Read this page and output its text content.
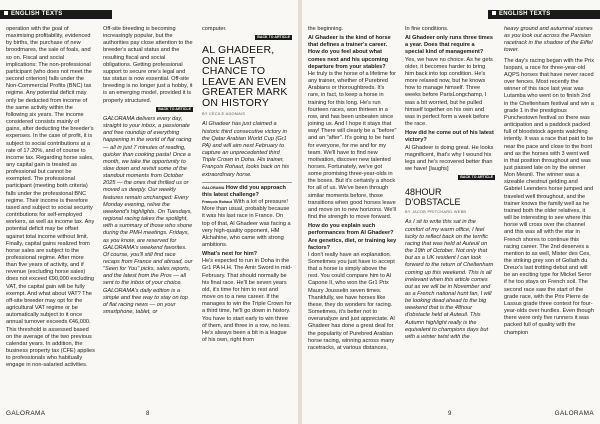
ENGLISH TEXTS

operation with the goal of maximising profitability, evidenced by births, the purchase of new broodmares, the sale of foals, and so on. Fiscal and social implications: The non-professional participant (who does not meet the second criterion) falls under the Non-Commercial Profits (BNC) tax regime. Any potential deficit may only be deducted from income of the same activity within the following six years. The income considered consists mainly of gains, after deducting the breeder's expenses. In the case of profit, it is subject to social contributions at a rate of 17.20%, and of course to income tax. Regarding horse sales, any capital gain is treated as professional but cannot be exempted. The professional participant (meeting both criteria) falls under the professional BNC regime. Their income is therefore taxed and subject to social security contributions for self-employed workers, as well as income tax. Any potential deficit may be offset against total income without limit. Finally, capital gains realized from horse sales are subject to the professional regime. After more than five years of activity, and if revenue (excluding horse sales) does not exceed €90,000 excluding VAT, the capital gain will be fully exempt. And what about VAT? The off-site breeder may opt for the agricultural VAT regime or be automatically subject to it once annual turnover exceeds €46,000. This threshold is assessed based on the average of the two previous calendar years. In addition, the business property tax (CFE) applies to professionals who habitually engage in non-salaried activities.

Off-site breeding is becoming increasingly popular, but the authorities pay close attention to the breeder's actual status and the resulting fiscal and social obligations. Getting professional support to secure one's legal and tax status is now essential. Off-site breeding is no longer just a hobby, it is an emerging model, provided it is properly structured.

BACK TO ARTICLE

GALORAMA delivers every day, straight to your inbox, a passionate and free roundup of everything happening in the world of flat racing — all in just 7 minutes of reading, quicker than cooking pasta! Once a month, we take the opportunity to slow down and revisit some of the standout moments from October 2025 — the ones that thrilled us or moved us deeply. Our weekly features remain unchanged: Every Monday evening, relive the weekend's highlights. On Tuesdays, regional racing takes the spotlight, with a summary of those who shone during the PMH meetings. Fridays, as you know, are reserved for GALORAMA's weekend favorites. Of course, you'll still find race recaps from France and abroad, our "Seen for You" picks, sales reports, and the latest from the Pros — all sent to the inbox of your choice. GALORAMA's daily edition is a simple and free way to stay on top of flat racing news — on your smartphone, tablet, or

computer.

BACK TO ARTICLE
AL GHADEER, ONE LAST CHANCE TO LEAVE AN EVEN GREATER MARK ON HISTORY
BY CÉCILE ADOMAIS

Al Ghadeer has just claimed a historic third consecutive victory in the Qatar Arabian World Cup (Gr1 PA) and will aim next February to capture an unprecedented third Triple Crown in Doha. His trainer, François Rohaut, looks back on his extraordinary horse.

GALORAMA How did you approach this latest challenge?

François Rohaut With a lot of pressure! More than usual, probably because it was his last race in France. On top of that, Al Ghadeer was facing a very high-quality opponent, HM Alchahine, who came with strong ambitions.

What's next for him?

He's expected to run in Doha in the Gr1 PA H.H. The Amir Sword in mid-February. That should normally be his final race. He'll be seven years old, it's time for him to rest and move on to a new career. If the manages to win the Triple Crown for a third time, he'll go down in history. You have to start early to win three of them, and three in a row, no less. He's always been a bit in a league of his own, right from

GALORAMA	8
ENGLISH TEXTS

the beginning.

Al Ghadeer is the kind of horse that defines a trainer's career. How do you feel about what comes next and his upcoming departure from your stables?

He truly is the horse of a lifetime for any trainer, whether of Purebred Arabians or thoroughbreds. It's rare, in fact, to keep a horse in training for this long. He's run fourteen races, won thirteen in a row, and has been unbeaten since joining us. And I hope it stays that way! There will clearly be a "before" and an "after". It's going to be hard for everyone, for me and for my team. We'll have to find new motivation, discover new talented horses. Fortunately, we've got some promising three-year-olds in the boxes. But it's certainly a shock for all of us. We've been through similar moments before, those transitions when good horses leave and move on to new horizons. We'll find the strength to move forward.

How do you explain such performances from Al Ghadeer? Are genetics, diet, or training key factors?

I don't really have an explanation. Sometimes you just have to accept that a horse is simply above the rest. You could compare him to Al Capone II, who won the Gr1 Prix Maury Jousselin seven times. Thankfully, we have horses like these, they do wonders for racing. Sometimes, it's better not to overanalyze and just appreciate. Al Ghadeer has done a great deal for the popularity of Purebred Arabian horse racing, winning across many racetracks, at various distances,

In fine conditions.

Al Ghadeer only runs three times a year. Does that require a special kind of management?

Yes, we have no choice. As he gets older, it becomes harder to bring him back into top condition. He's more relaxed now, but he knows how to manage himself. Three weeks before ParisLongchamp, I was a bit worried, but he pulled himself together on his own and was in perfect form a week before the race.

How did he come out of his latest victory?

Al Ghadeer is doing great. He looks magnificent, that's why I wound his legs and he's recovered better than we have! [laughs]

BACK TO ARTICLE
48HOUR D'OBSTACLE
BY JACOB PRITCHARD-WEBB

As I sit to write this sat in the comfort of my warm office, I feel lucky to reflect back on the terrific racing that was held at Auteuil on the 19th of October. Not only that but as a UK resident I can look forward to the return of Cheltenham coming up this weekend. This is all irrelevant when this article comes out as we will be in November and as a French national hunt fan, I will be looking dead ahead to the big weekend that is the 48hour d'obstacle held at Auteuil. This Autumn highlight really is the equivalent to champions days but with a winter twist with the

heavy ground and autumnal scenes as you look out across the Parisian racetrack in the shadow of the Eiffel tower.

The day's racing began with the Prix Isopani, a race for three-year-old AQPS horses that have never raced over fences. Most recently the winner of this race last year was Lutamba who went on to finish 2nd in the Cheltenham festival and win a grade 1 in the prestigious Punchestown festival so there was anticipation and a paddock packed full of bloodstock agents watching intently. It was a race that paid to be near the pace and close to the front and as the horses with 3 went well in that position throughout and was just passed late on by the winner Mon Mesnil. The winner was a sizeable chestnut gelding and Gabriel Leenders horse jumped and traveled well throughout, and the trainer knows the family well as he trained both the older relatives, it will be interesting to see where this horse will cross over the channel and this was all with the star in French shores to continue this racing career. The 2nd deserves a mention to as well, Mister des Ces, the striking grey son of Goliath du Dreux's last trotting debut and will be an exciting type for Mickel Seror if he too stays on French soil. The second race saw the start of the grade race, with the Prix Pierre de Lassus grade three contest for four-year-olds over hurdles. Even though there were only five runners it was packed full of quality with the champion

9	GALORAMA
